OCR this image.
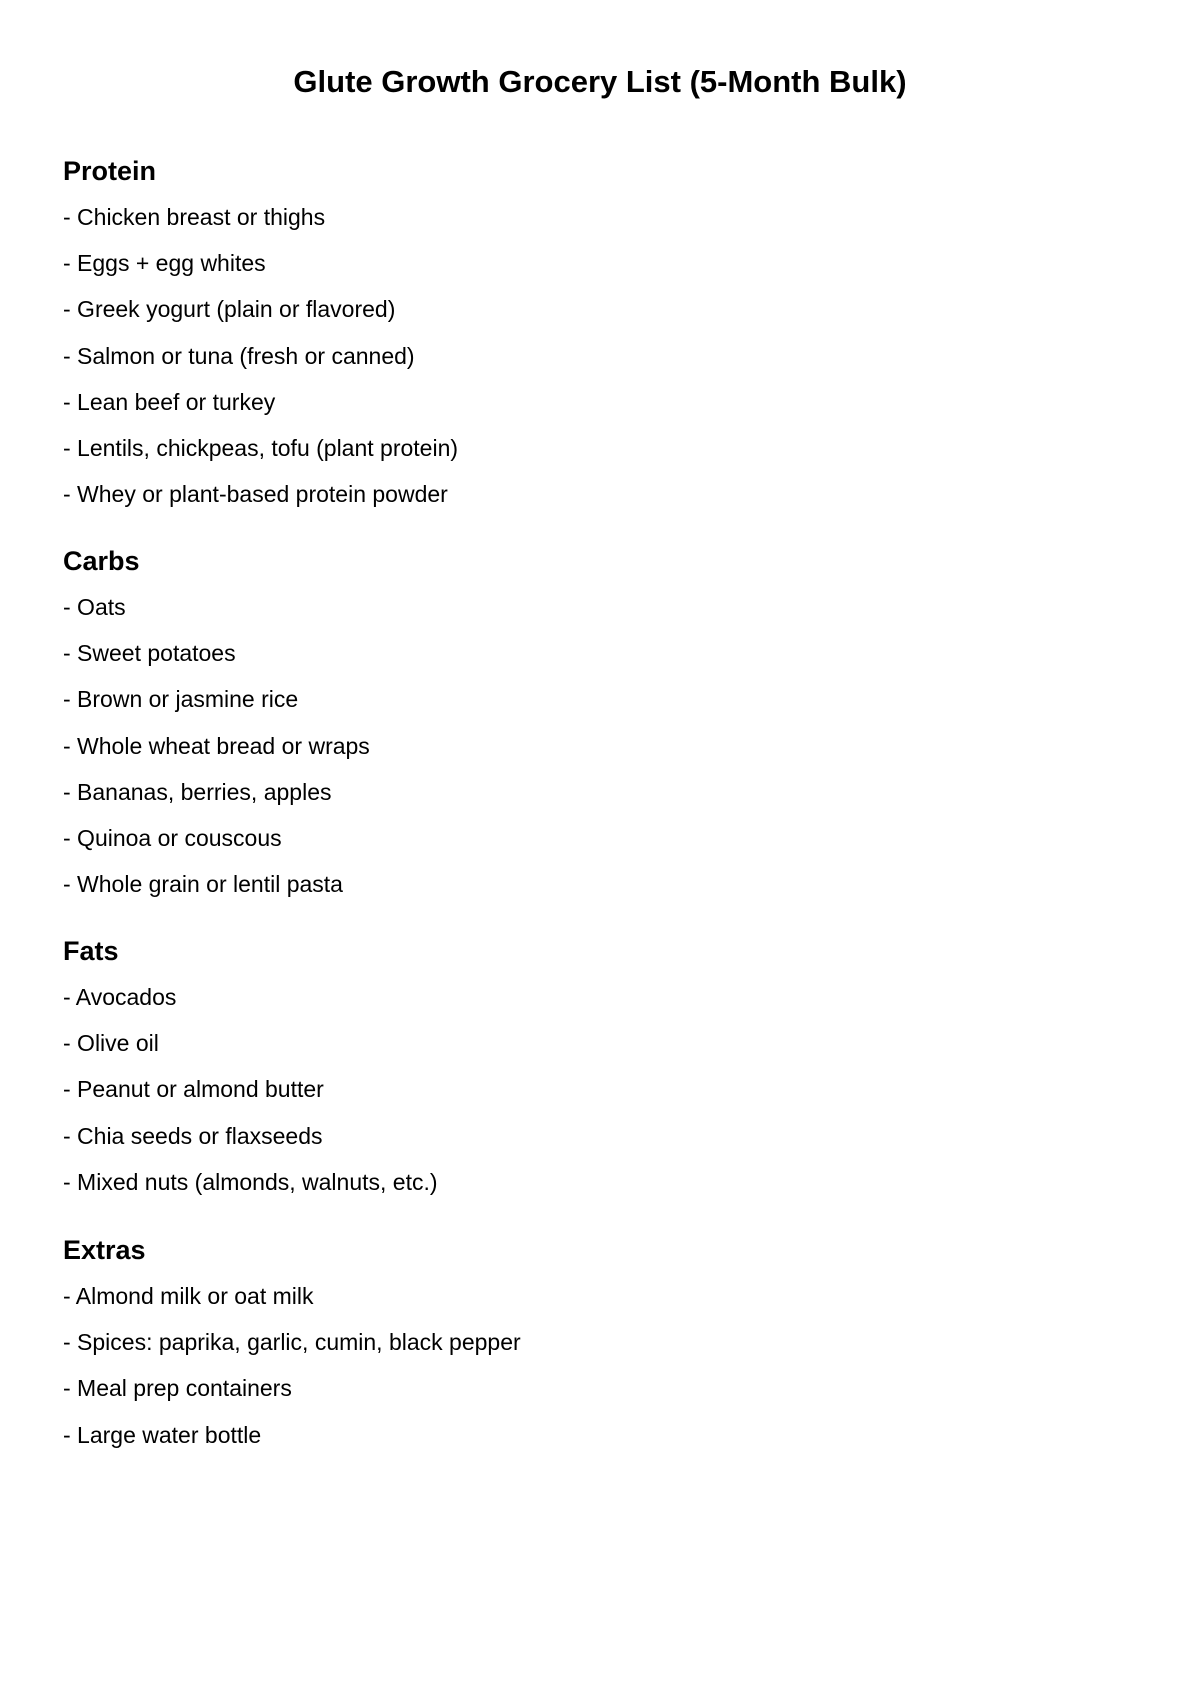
Glute Growth Grocery List (5-Month Bulk)
Protein
- Chicken breast or thighs
- Eggs + egg whites
- Greek yogurt (plain or flavored)
- Salmon or tuna (fresh or canned)
- Lean beef or turkey
- Lentils, chickpeas, tofu (plant protein)
- Whey or plant-based protein powder
Carbs
- Oats
- Sweet potatoes
- Brown or jasmine rice
- Whole wheat bread or wraps
- Bananas, berries, apples
- Quinoa or couscous
- Whole grain or lentil pasta
Fats
- Avocados
- Olive oil
- Peanut or almond butter
- Chia seeds or flaxseeds
- Mixed nuts (almonds, walnuts, etc.)
Extras
- Almond milk or oat milk
- Spices: paprika, garlic, cumin, black pepper
- Meal prep containers
- Large water bottle
